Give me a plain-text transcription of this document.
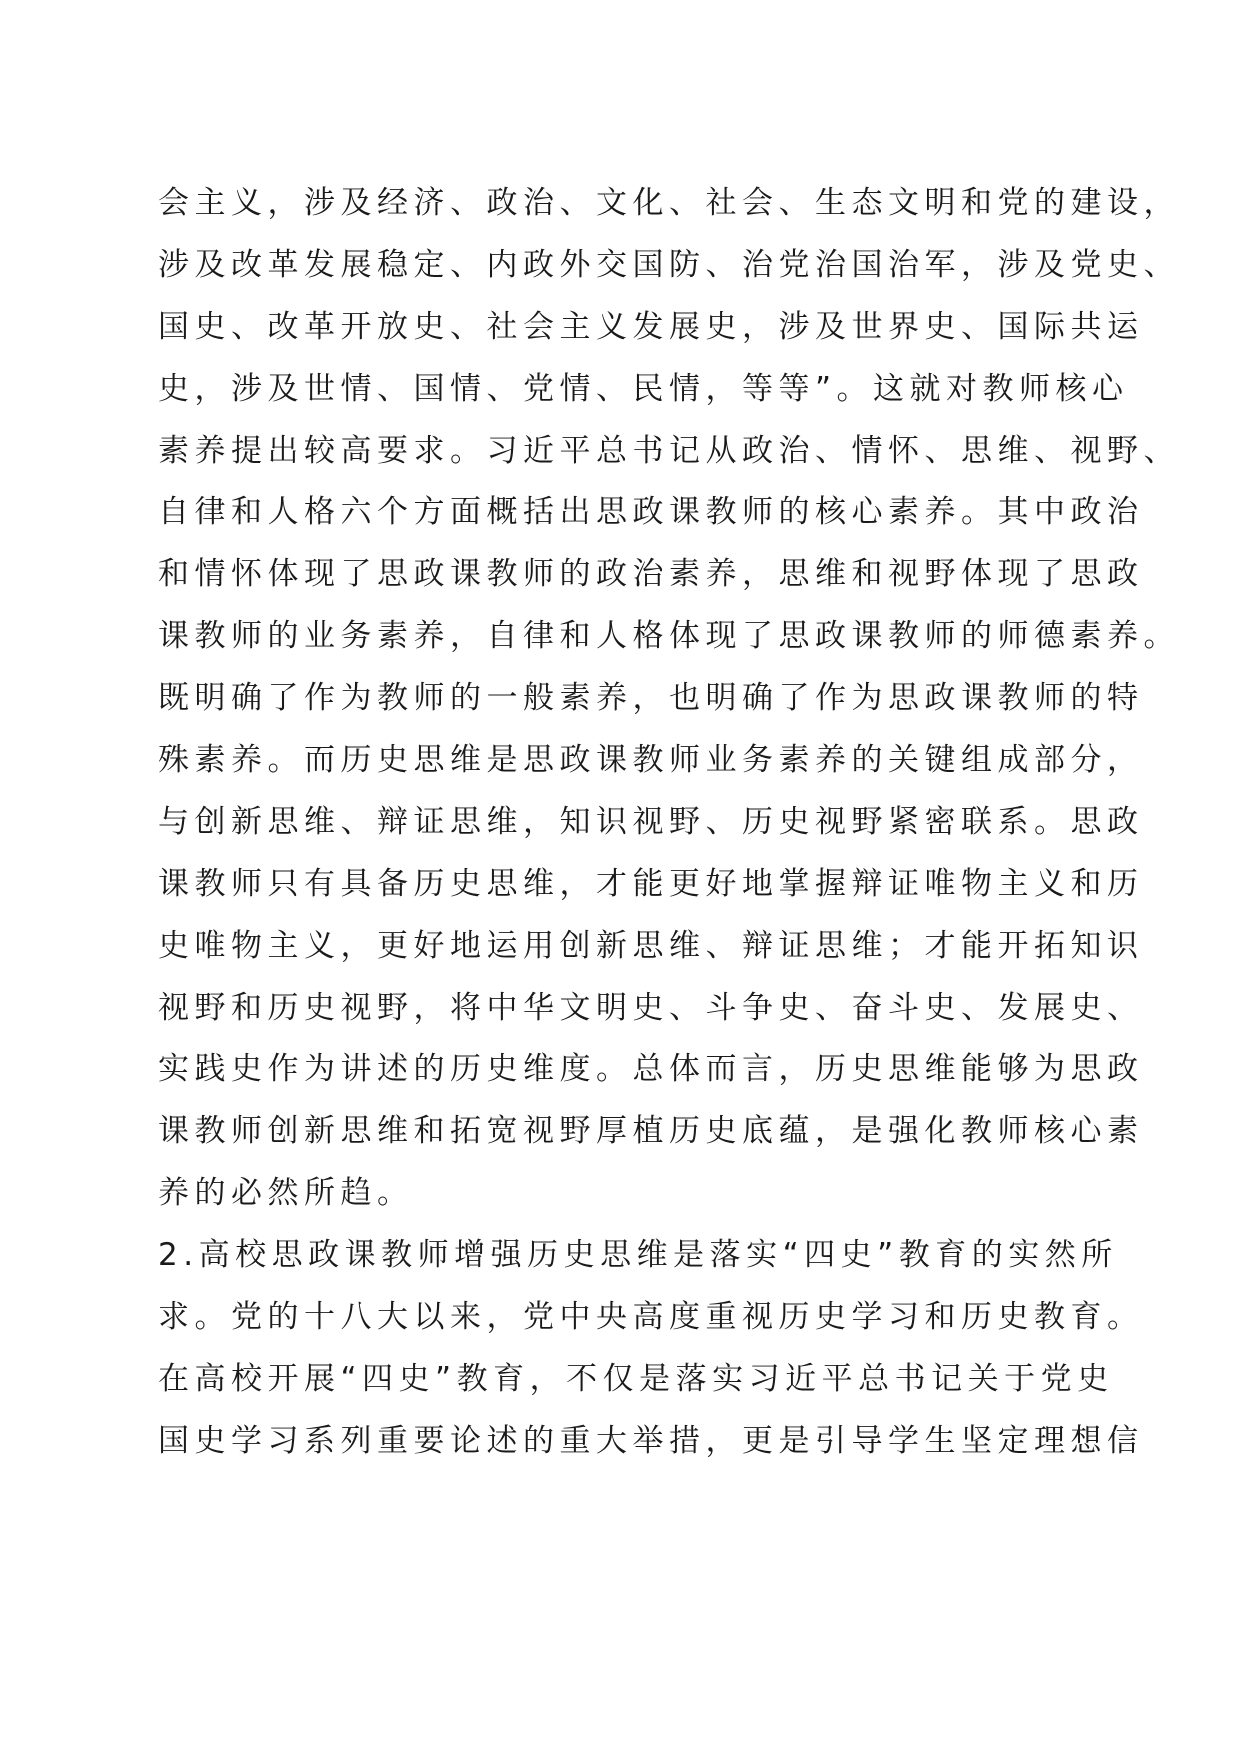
会主义，涉及经济、政治、文化、社会、生态文明和党的建设，
涉及改革发展稳定、内政外交国防、治党治国治军，涉及党史、
国史、改革开放史、社会主义发展史，涉及世界史、国际共运
史，涉及世情、国情、党情、民情，等等”。这就对教师核心
素养提出较高要求。习近平总书记从政治、情怀、思维、视野、
自律和人格六个方面概括出思政课教师的核心素养。其中政治
和情怀体现了思政课教师的政治素养，思维和视野体现了思政
课教师的业务素养，自律和人格体现了思政课教师的师德素养。
既明确了作为教师的一般素养，也明确了作为思政课教师的特
殊素养。而历史思维是思政课教师业务素养的关键组成部分，
与创新思维、辩证思维，知识视野、历史视野紧密联系。思政
课教师只有具备历史思维，才能更好地掌握辩证唯物主义和历
史唯物主义，更好地运用创新思维、辩证思维；才能开拓知识
视野和历史视野，将中华文明史、斗争史、奋斗史、发展史、
实践史作为讲述的历史维度。总体而言，历史思维能够为思政
课教师创新思维和拓宽视野厚植历史底蕴，是强化教师核心素
养的必然所趋。
2.高校思政课教师增强历史思维是落实“四史”教育的实然所
求。党的十八大以来，党中央高度重视历史学习和历史教育。
在高校开展“四史”教育，不仅是落实习近平总书记关于党史
国史学习系列重要论述的重大举措，更是引导学生坚定理想信
